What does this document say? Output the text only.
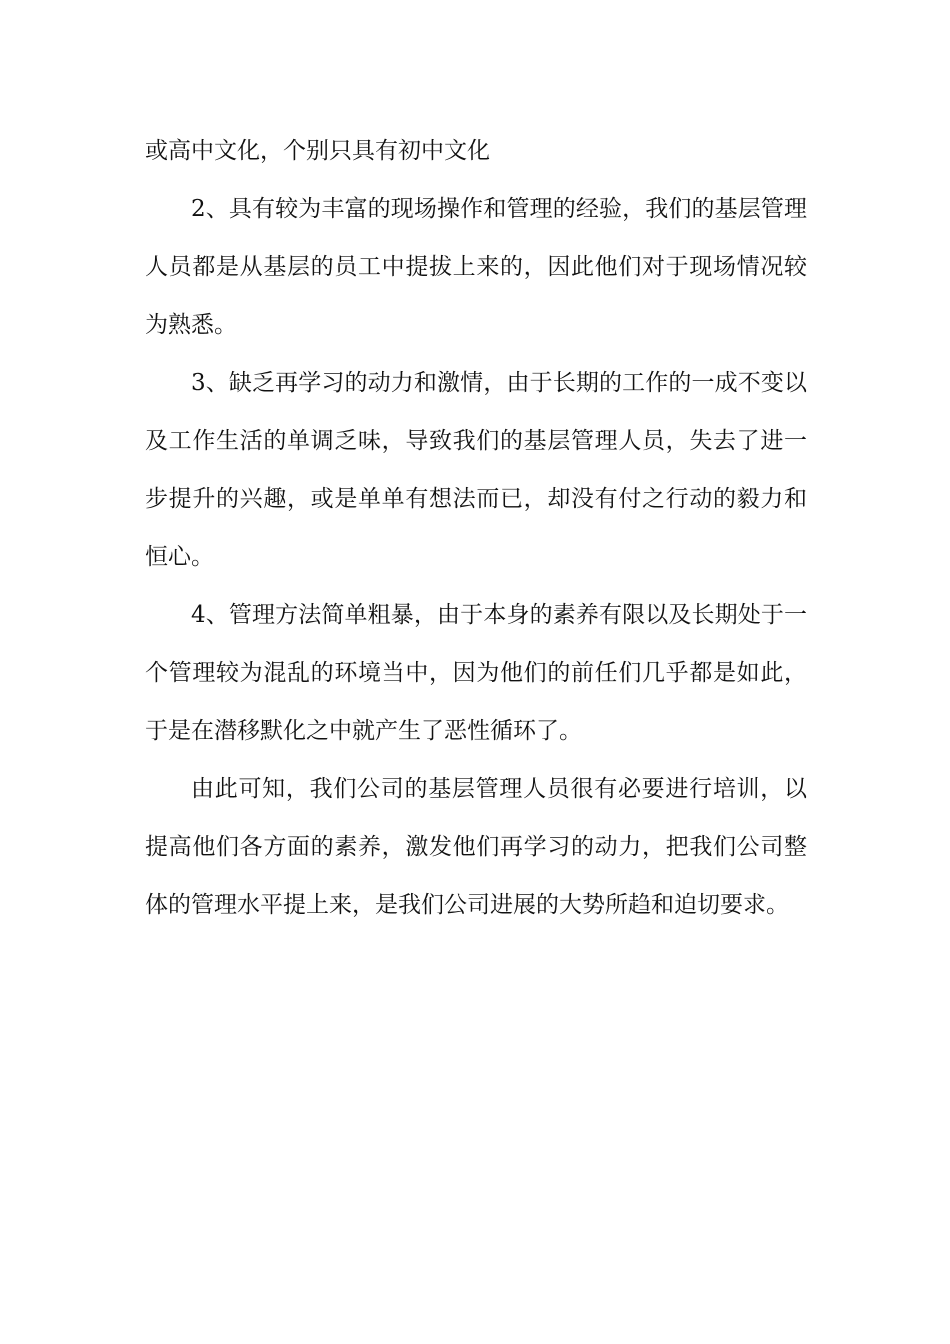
或高中文化，个别只具有初中文化

2、具有较为丰富的现场操作和管理的经验，我们的基层管理人员都是从基层的员工中提拔上来的，因此他们对于现场情况较为熟悉。

3、缺乏再学习的动力和激情，由于长期的工作的一成不变以及工作生活的单调乏味，导致我们的基层管理人员，失去了进一步提升的兴趣，或是单单有想法而已，却没有付之行动的毅力和恒心。

4、管理方法简单粗暴，由于本身的素养有限以及长期处于一个管理较为混乱的环境当中，因为他们的前任们几乎都是如此，于是在潜移默化之中就产生了恶性循环了。

由此可知，我们公司的基层管理人员很有必要进行培训，以提高他们各方面的素养，激发他们再学习的动力，把我们公司整体的管理水平提上来，是我们公司进展的大势所趋和迫切要求。
